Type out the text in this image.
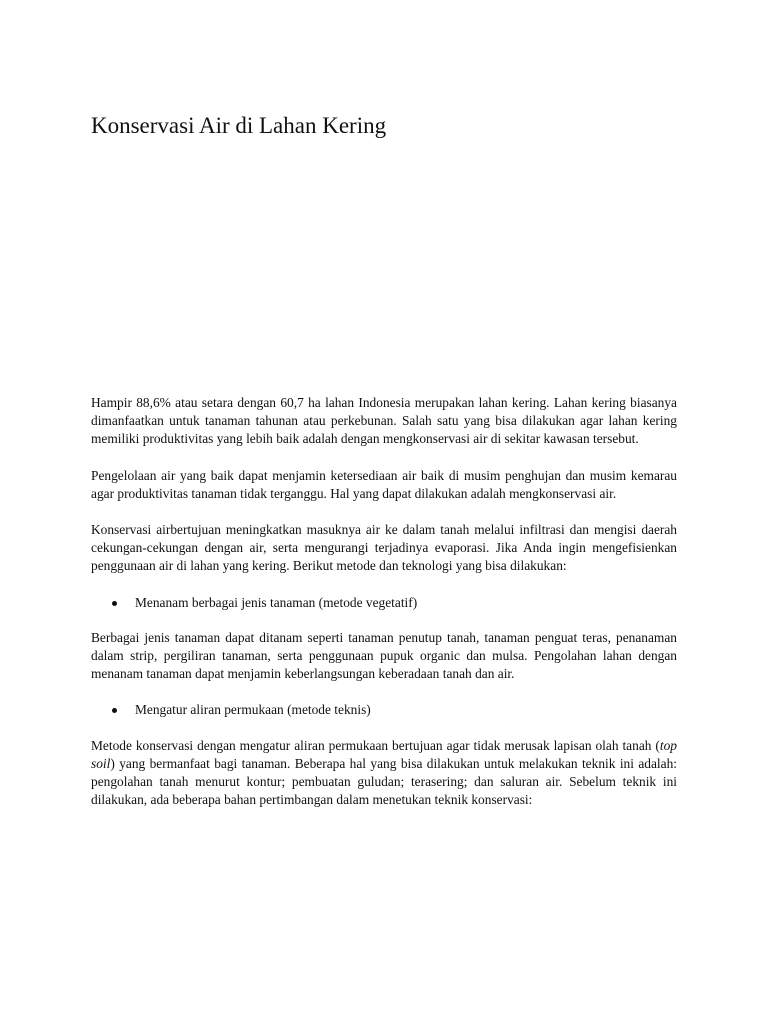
Konservasi Air di Lahan Kering

Hampir 88,6% atau setara dengan 60,7 ha lahan Indonesia merupakan lahan kering. Lahan kering biasanya dimanfaatkan untuk tanaman tahunan atau perkebunan. Salah satu yang bisa dilakukan agar lahan kering memiliki produktivitas yang lebih baik adalah dengan mengkonservasi air di sekitar kawasan tersebut.

Pengelolaan air yang baik dapat menjamin ketersediaan air baik di musim penghujan dan musim kemarau agar produktivitas tanaman tidak terganggu. Hal yang dapat dilakukan adalah mengkonservasi air.

Konservasi airbertujuan meningkatkan masuknya air ke dalam tanah melalui infiltrasi dan mengisi daerah cekungan-cekungan dengan air, serta mengurangi terjadinya evaporasi. Jika Anda ingin mengefisienkan penggunaan air di lahan yang kering. Berikut metode dan teknologi yang bisa dilakukan:

Menanam berbagai jenis tanaman (metode vegetatif)

Berbagai jenis tanaman dapat ditanam seperti tanaman penutup tanah, tanaman penguat teras, penanaman dalam strip, pergiliran tanaman, serta penggunaan pupuk organic dan mulsa. Pengolahan lahan dengan menanam tanaman dapat menjamin keberlangsungan keberadaan tanah dan air.

Mengatur aliran permukaan (metode teknis)

Metode konservasi dengan mengatur aliran permukaan bertujuan agar tidak merusak lapisan olah tanah (top soil) yang bermanfaat bagi tanaman. Beberapa hal yang bisa dilakukan untuk melakukan teknik ini adalah: pengolahan tanah menurut kontur; pembuatan guludan; terasering; dan saluran air. Sebelum teknik ini dilakukan, ada beberapa bahan pertimbangan dalam menetukan teknik konservasi:
